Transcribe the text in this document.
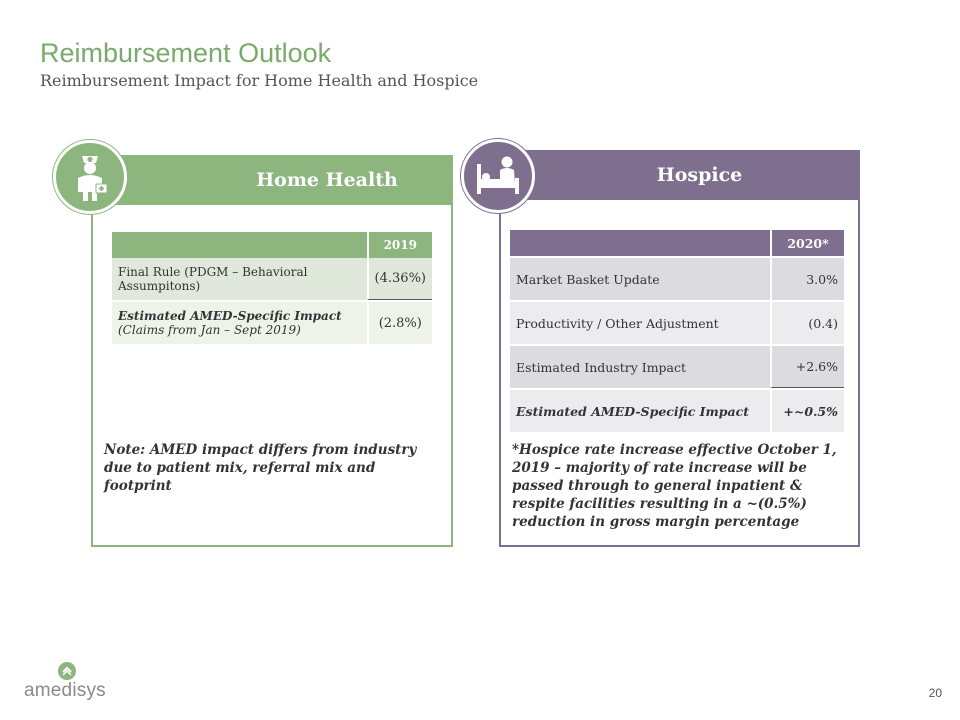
Reimbursement Outlook
Reimbursement Impact for Home Health and Hospice
Home Health
	2019
Final Rule (PDGM – Behavioral Assumpitons)	(4.36%)

Estimated AMED-Specific Impact
(Claims from Jan – Sept 2019)	(2.8%)
Note: AMED impact differs from industry due to patient mix, referral mix and footprint
Hospice
	2020*
Market Basket Update	3.0%
Productivity / Other Adjustment	(0.4)
Estimated Industry Impact	+2.6%
Estimated AMED-Specific Impact	+~0.5%
*Hospice rate increase effective October 1, 2019 – majority of rate increase will be passed through to general inpatient & respite facilities resulting in a ~(0.5%) reduction in gross margin percentage
amedisys	20
